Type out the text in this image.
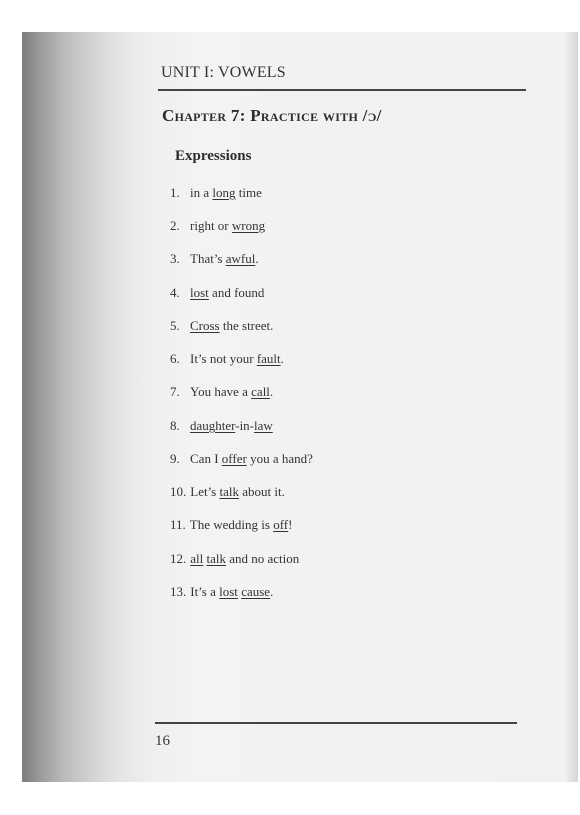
UNIT I: VOWELS
Chapter 7: Practice with /ɔ/
Expressions
1. in a long time
2. right or wrong
3. That’s awful.
4. lost and found
5. Cross the street.
6. It’s not your fault.
7. You have a call.
8. daughter-in-law
9. Can I offer you a hand?
10. Let’s talk about it.
11. The wedding is off!
12. all talk and no action
13. It’s a lost cause.
16
